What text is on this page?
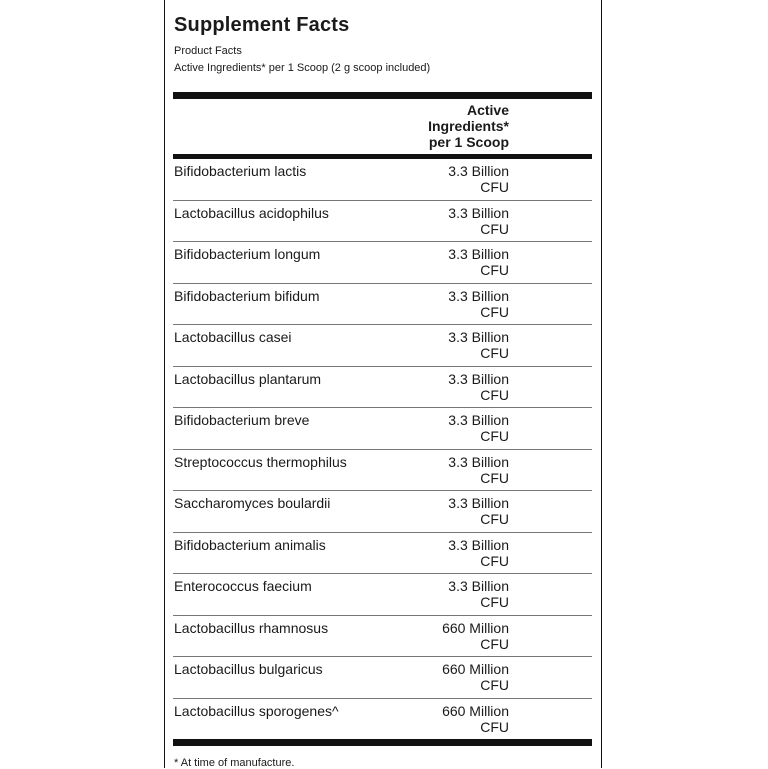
Supplement Facts
Product Facts
Active Ingredients* per 1 Scoop (2 g scoop included)
Active
Ingredients*
per 1 Scoop
Bifidobacterium lactis	3.3 Billion
CFU
Lactobacillus acidophilus	3.3 Billion
CFU
Bifidobacterium longum	3.3 Billion
CFU
Bifidobacterium bifidum	3.3 Billion
CFU
Lactobacillus casei	3.3 Billion
CFU
Lactobacillus plantarum	3.3 Billion
CFU
Bifidobacterium breve	3.3 Billion
CFU
Streptococcus thermophilus	3.3 Billion
CFU
Saccharomyces boulardii	3.3 Billion
CFU
Bifidobacterium animalis	3.3 Billion
CFU
Enterococcus faecium	3.3 Billion
CFU
Lactobacillus rhamnosus	660 Million
CFU
Lactobacillus bulgaricus	660 Million
CFU
Lactobacillus sporogenes^	660 Million
CFU
* At time of manufacture.
